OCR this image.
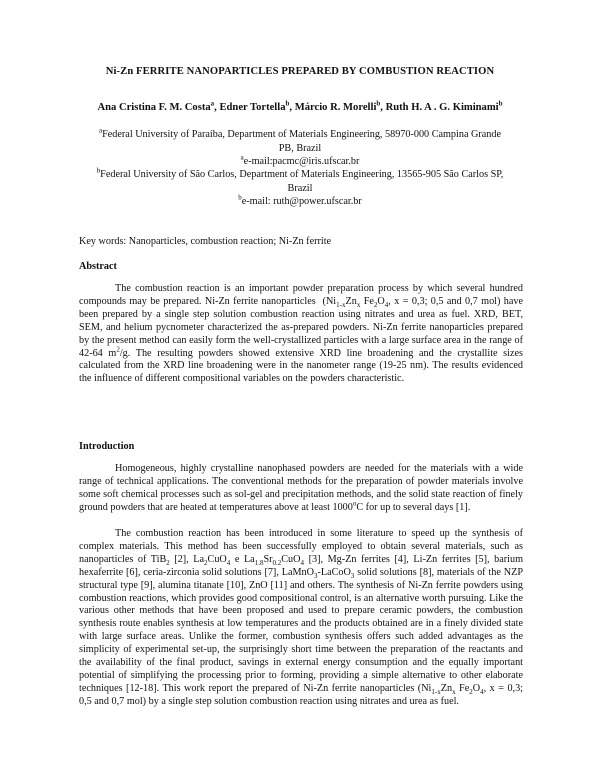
Ni-Zn FERRITE NANOPARTICLES PREPARED BY COMBUSTION REACTION
Ana Cristina F. M. Costa$^a$, Edner Tortella$^b$, Márcio R. Morelli$^b$, Ruth H. A . G. Kiminami$^b$
$^a$Federal University of Paraíba, Department of Materials Engineering, 58970-000 Campina Grande
PB, Brazil
$^a$e-mail:pacmc@iris.ufscar.br
$^b$Federal University of São Carlos, Department of Materials Engineering, 13565-905 São Carlos SP,
Brazil
$^b$e-mail: ruth@power.ufscar.br
Key words: Nanoparticles, combustion reaction; Ni-Zn ferrite
Abstract

The combustion reaction is an important powder preparation process by which several hundred compounds may be prepared. Ni-Zn ferrite nanoparticles ($Ni_{1-x}Zn_x$ $Fe_2O_4$, x = 0,3; 0,5 and 0,7 mol) have been prepared by a single step solution combustion reaction using nitrates and urea as fuel. XRD, BET, SEM, and helium pycnometer characterized the as-prepared powders. Ni-Zn ferrite nanoparticles prepared by the present method can easily form the well-crystallized particles with a large surface area in the range of 42-64 $m^2/g$. The resulting powders showed extensive XRD line broadening and the crystallite sizes calculated from the XRD line broadening were in the nanometer range (19-25 nm). The results evidenced the influence of different compositional variables on the powders characteristic.

Introduction

Homogeneous, highly crystalline nanophased powders are needed for the materials with a wide range of technical applications. The conventional methods for the preparation of powder materials involve some soft chemical processes such as sol-gel and precipitation methods, and the solid state reaction of finely ground powders that are heated at temperatures above at least 1000$^o$C for up to several days [1].

The combustion reaction has been introduced in some literature to speed up the synthesis of complex materials. This method has been successfully employed to obtain several materials, such as nanoparticles of TiB$_2$ [2], $La_2CuO_4$ e $La_{1.8}Sr_{0.2}CuO_4$ [3], Mg-Zn ferrites [4], Li-Zn ferrites [5], barium hexaferrite [6], ceria-zirconia solid solutions [7], LaMnO$_3$-LaCoO$_3$ solid solutions [8], materials of the NZP structural type [9], alumina titanate [10], ZnO [11] and others. The synthesis of Ni-Zn ferrite powders using combustion reactions, which provides good compositional control, is an alternative worth pursuing. Like the various other methods that have been proposed and used to prepare ceramic powders, the combustion synthesis route enables synthesis at low temperatures and the products obtained are in a finely divided state with large surface areas. Unlike the former, combustion synthesis offers such added advantages as the simplicity of experimental set-up, the surprisingly short time between the preparation of the reactants and the availability of the final product, savings in external energy consumption and the equally important potential of simplifying the processing prior to forming, providing a simple alternative to other elaborate techniques [12-18]. This work report the prepared of Ni-Zn ferrite nanoparticles ($Ni_{1-x}Zn_x$ $Fe_2O_4$, x = 0,3; 0,5 and 0,7 mol) by a single step solution combustion reaction using nitrates and urea as fuel.
